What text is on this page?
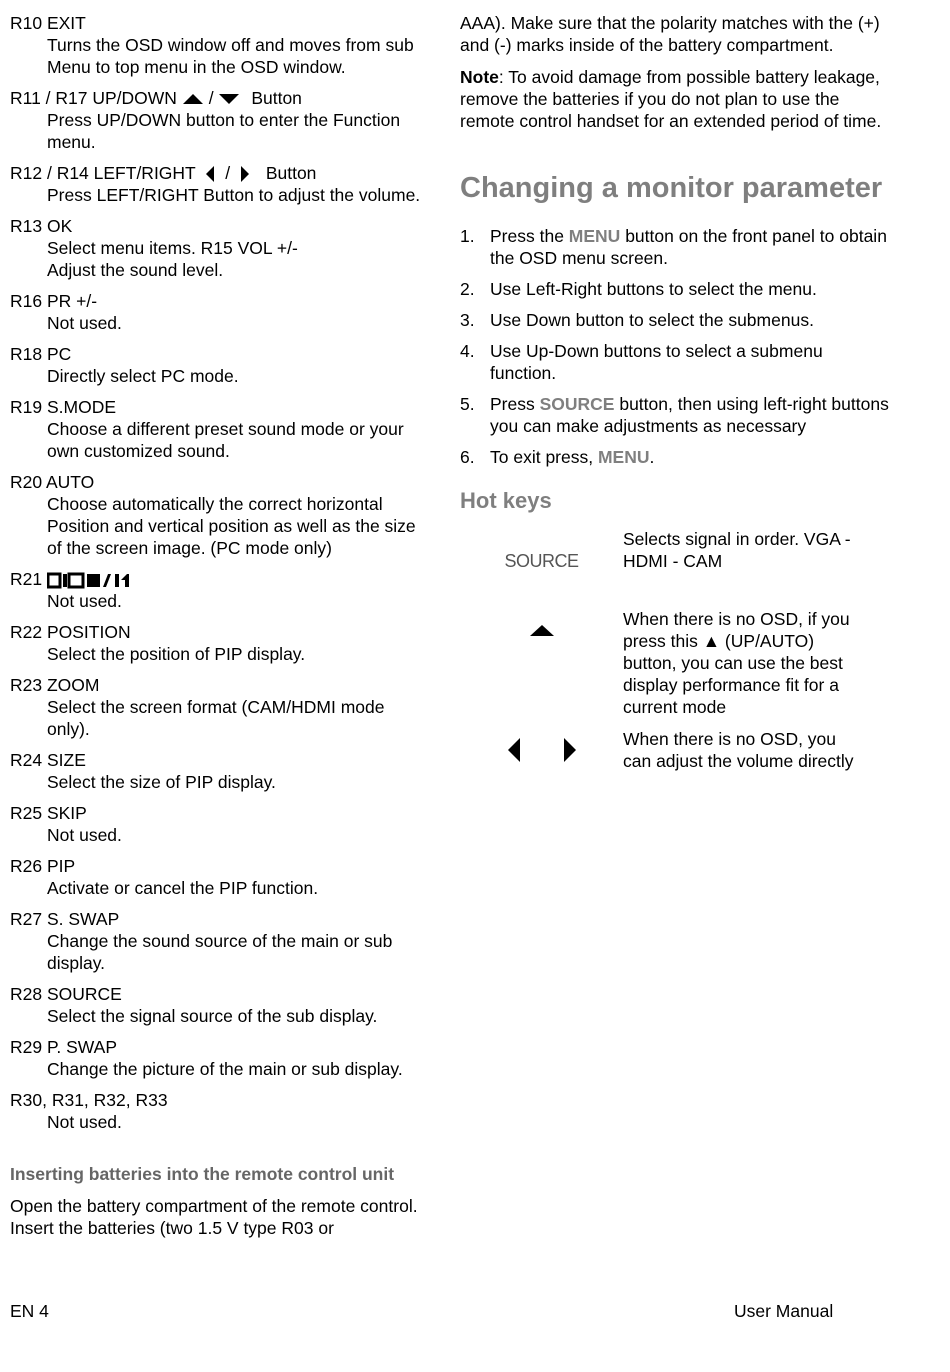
R10 EXIT
Turns the OSD window off and moves from sub Menu to top menu in the OSD window.
R11 / R17 UP/DOWN / Button
Press UP/DOWN button to enter the Function menu.
R12 / R14 LEFT/RIGHT / Button
Press LEFT/RIGHT Button to adjust the volume.
R13 OK
Select menu items. R15 VOL +/-
Adjust the sound level.
R16 PR +/-
Not used.
R18 PC
Directly select PC mode.
R19 S.MODE
Choose a different preset sound mode or your own customized sound.
R20 AUTO
Choose automatically the correct horizontal Position and vertical position as well as the size of the screen image. (PC mode only)
R21
Not used.
R22 POSITION
Select the position of PIP display.
R23 ZOOM
Select the screen format (CAM/HDMI mode only).
R24 SIZE
Select the size of PIP display.
R25 SKIP
Not used.
R26 PIP
Activate or cancel the PIP function.
R27 S. SWAP
Change the sound source of the main or sub display.
R28 SOURCE
Select the signal source of the sub display.
R29 P. SWAP
Change the picture of the main or sub display.
R30, R31, R32, R33
Not used.
Inserting batteries into the remote control unit
Open the battery compartment of the remote control. Insert the batteries (two 1.5 V type R03 or
AAA). Make sure that the polarity matches with the (+) and (-) marks inside of the battery compartment.
Note: To avoid damage from possible battery leakage, remove the batteries if you do not plan to use the remote control handset for an extended period of time.
Changing a monitor parameter
1. Press the MENU button on the front panel to obtain the OSD menu screen.
2. Use Left-Right buttons to select the menu.
3. Use Down button to select the submenus.
4. Use Up-Down buttons to select a submenu function.
5. Press SOURCE button, then using left-right buttons you can make adjustments as necessary
6. To exit press, MENU.
Hot keys
SOURCE
Selects signal in order. VGA - HDMI - CAM
When there is no OSD, if you press this ▲ (UP/AUTO) button, you can use the best display performance fit for a current mode
When there is no OSD, you can adjust the volume directly
EN 4	User Manual
